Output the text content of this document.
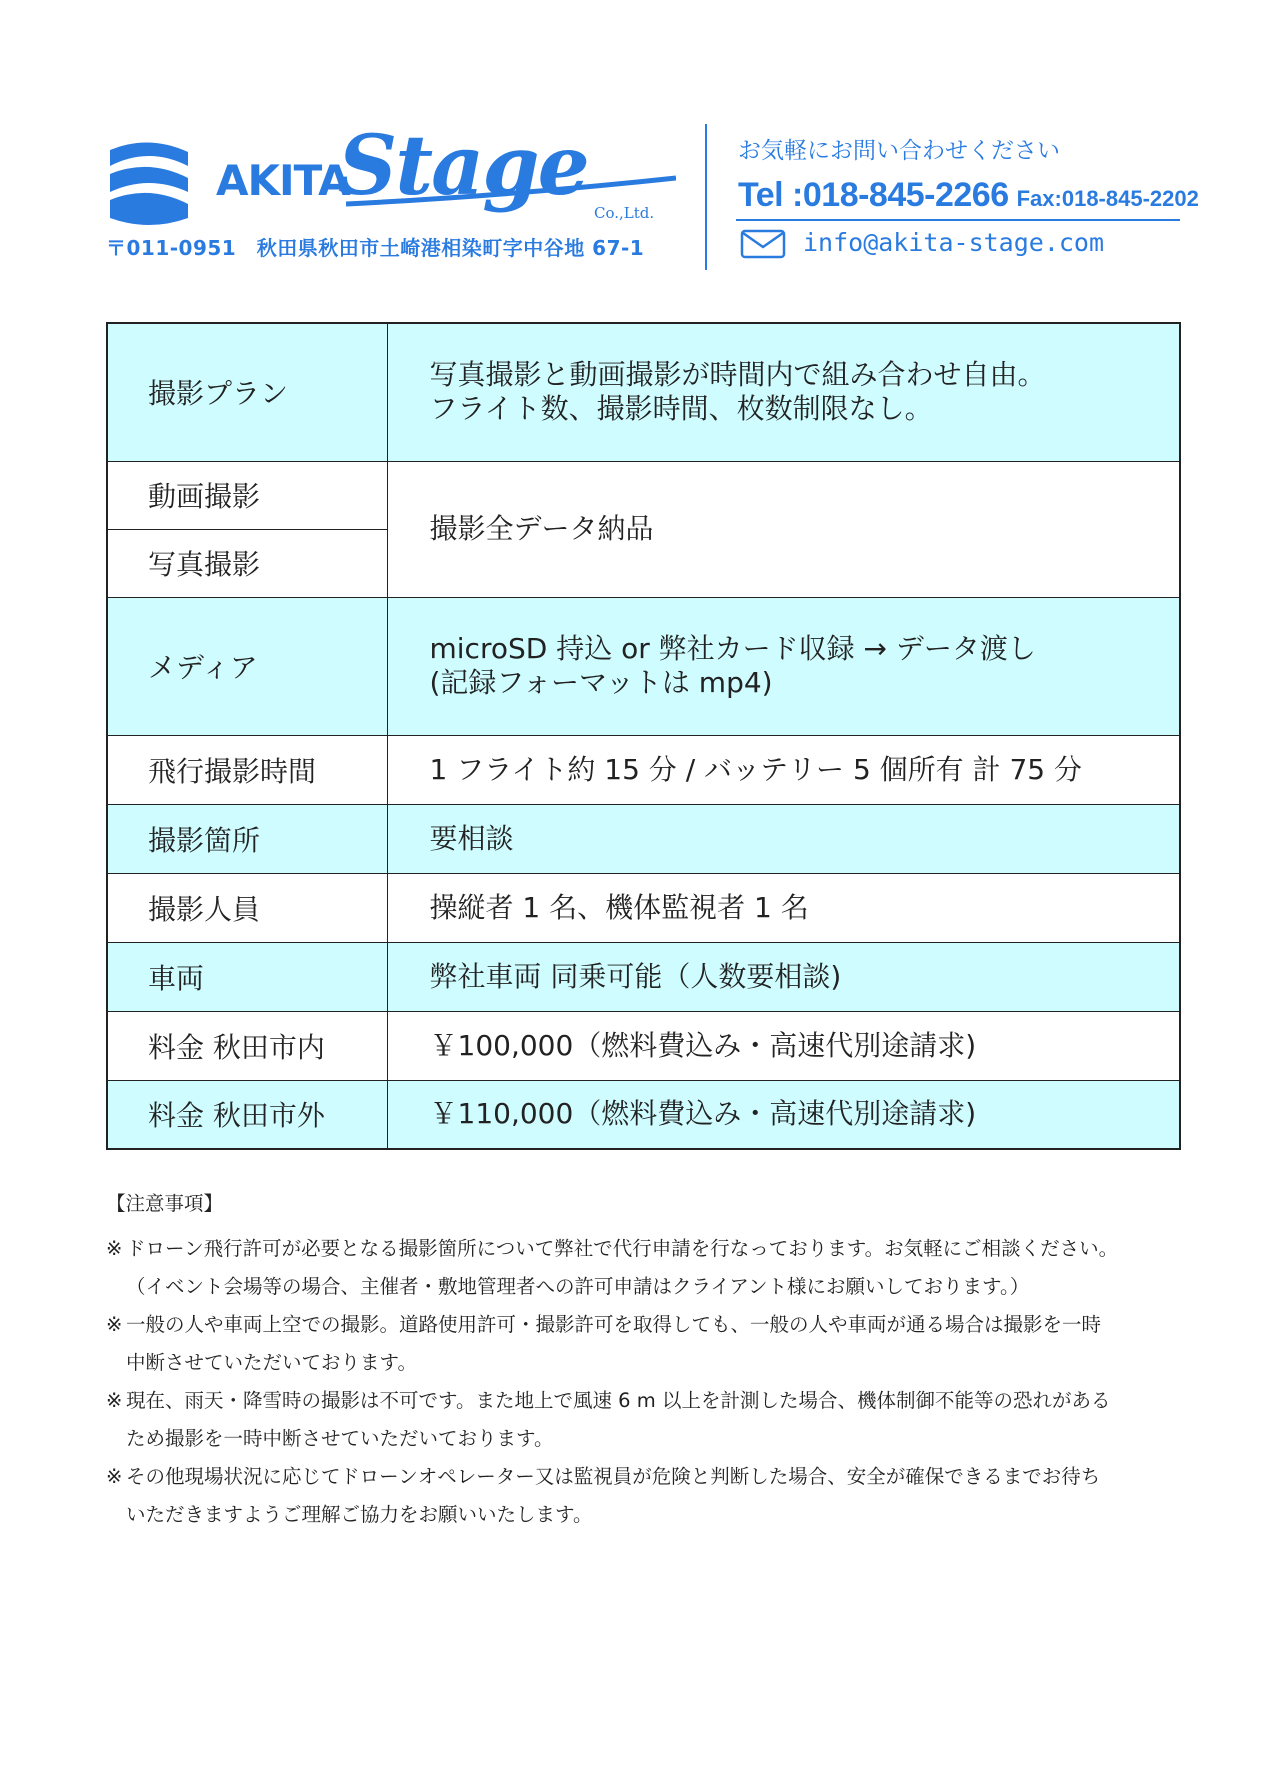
AKITA
Stage Co.,Ltd.
〒011-0951　秋田県秋田市土崎港相染町字中谷地 67-1
お気軽にお問い合わせください
Tel :018-845-2266 Fax:018-845-2202
info@akita-stage.com
撮影プラン	写真撮影と動画撮影が時間内で組み合わせ自由。
フライト数、撮影時間、枚数制限なし。

動画撮影	撮影全データ納品

写真撮影	
メディア	microSD 持込 or 弊社カード収録 → データ渡し
(記録フォーマットは mp4)

飛行撮影時間	1 フライト約 15 分 / バッテリー 5 個所有 計 75 分

撮影箇所	要相談

撮影人員	操縦者 1 名、機体監視者 1 名

車両	弊社車両 同乗可能（人数要相談)

料金 秋田市内	￥100,000（燃料費込み・高速代別途請求)

料金 秋田市外	￥110,000（燃料費込み・高速代別途請求)
【注意事項】
※ ドローン飛行許可が必要となる撮影箇所について弊社で代行申請を行なっております。お気軽にご相談ください。
（イベント会場等の場合、主催者・敷地管理者への許可申請はクライアント様にお願いしております。）
※ 一般の人や車両上空での撮影。道路使用許可・撮影許可を取得しても、一般の人や車両が通る場合は撮影を一時
中断させていただいております。
※ 現在、雨天・降雪時の撮影は不可です。また地上で風速 6 m 以上を計測した場合、機体制御不能等の恐れがある
ため撮影を一時中断させていただいております。
※ その他現場状況に応じてドローンオペレーター又は監視員が危険と判断した場合、安全が確保できるまでお待ち
いただきますようご理解ご協力をお願いいたします。
